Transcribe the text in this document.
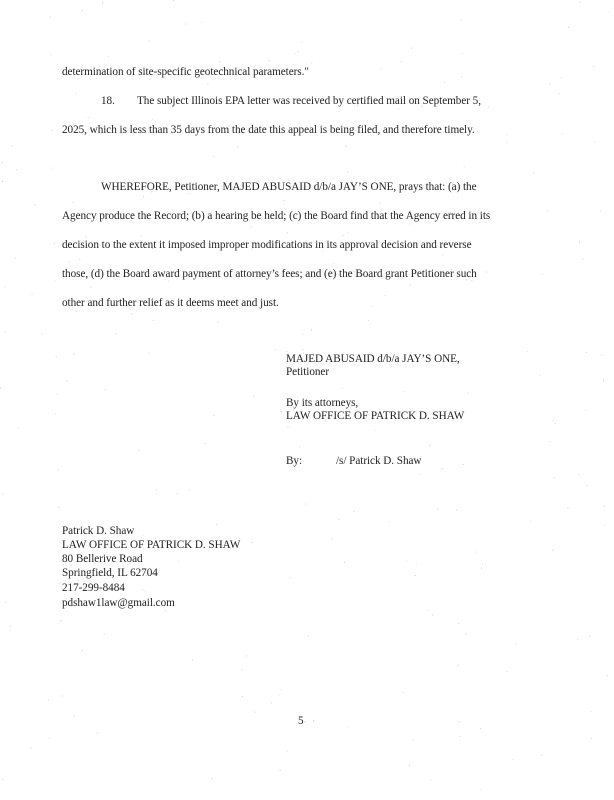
determination of site-specific geotechnical parameters."
18. The subject Illinois EPA letter was received by certified mail on September 5,
2025, which is less than 35 days from the date this appeal is being filed, and therefore timely.
WHEREFORE, Petitioner, MAJED ABUSAID d/b/a JAY’S ONE, prays that: (a) the
Agency produce the Record; (b) a hearing be held; (c) the Board find that the Agency erred in its
decision to the extent it imposed improper modifications in its approval decision and reverse
those, (d) the Board award payment of attorney’s fees; and (e) the Board grant Petitioner such
other and further relief as it deems meet and just.
MAJED ABUSAID d/b/a JAY’S ONE,
Petitioner
By its attorneys,
LAW OFFICE OF PATRICK D. SHAW
By:	/s/ Patrick D. Shaw
Patrick D. Shaw
LAW OFFICE OF PATRICK D. SHAW
80 Bellerive Road
Springfield, IL 62704
217-299-8484
pdshaw1law@gmail.com
5
